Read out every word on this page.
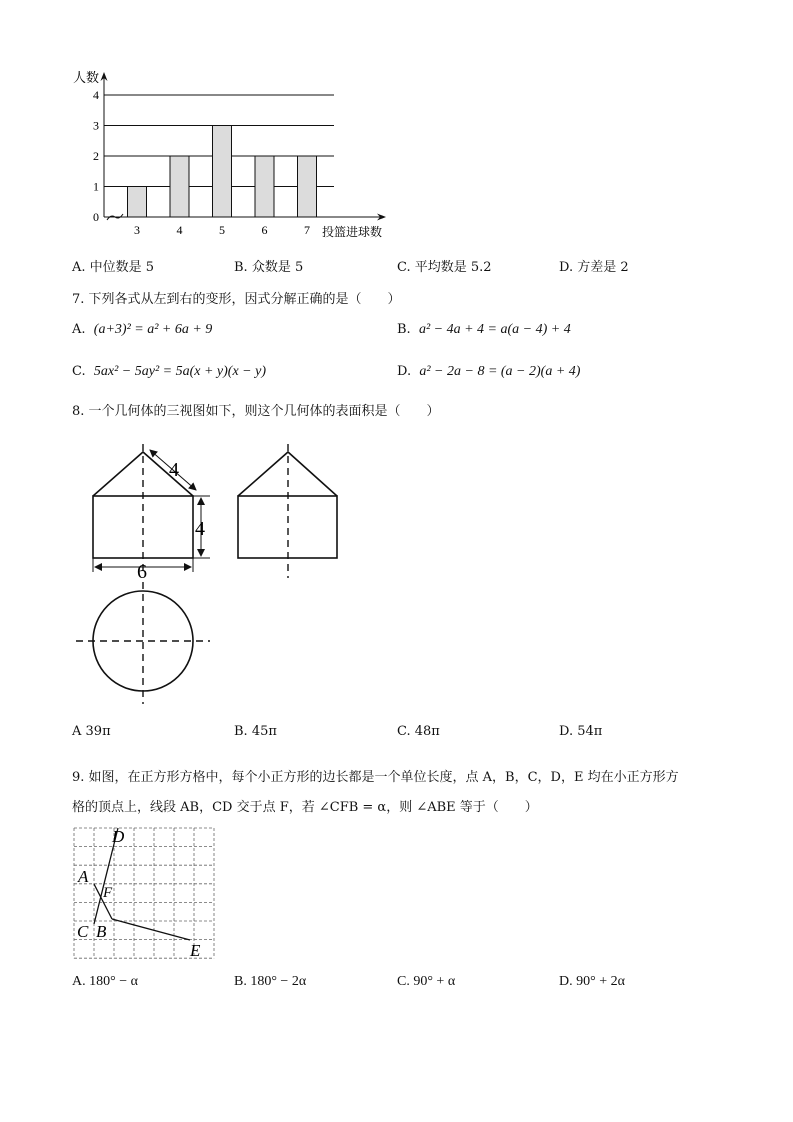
0
1
2
3
4
3	4	5	6	7
人数
投篮进球数
A. 中位数是 5	B. 众数是 5	C. 平均数是 5.2	D. 方差是 2
7. 下列各式从左到右的变形，因式分解正确的是（　　）
A. (a+3)² = a² + 6a + 9	B. a² − 4a + 4 = a(a − 4) + 4
C. 5ax² − 5ay² = 5a(x + y)(x − y)	D. a² − 2a − 8 = (a − 2)(a + 4)
8. 一个几何体的三视图如下，则这个几何体的表面积是（　　）
4
4
6
A 39π	B. 45π	C. 48π	D. 54π
9. 如图，在正方形方格中，每个小正方形的边长都是一个单位长度，点 A，B，C，D，E 均在小正方形方
格的顶点上，线段 AB，CD 交于点 F，若 ∠CFB = α，则 ∠ABE 等于（　　）
D
A
F
C B
E
A. 180° − α	B. 180° − 2α	C. 90° + α	D. 90° + 2α
